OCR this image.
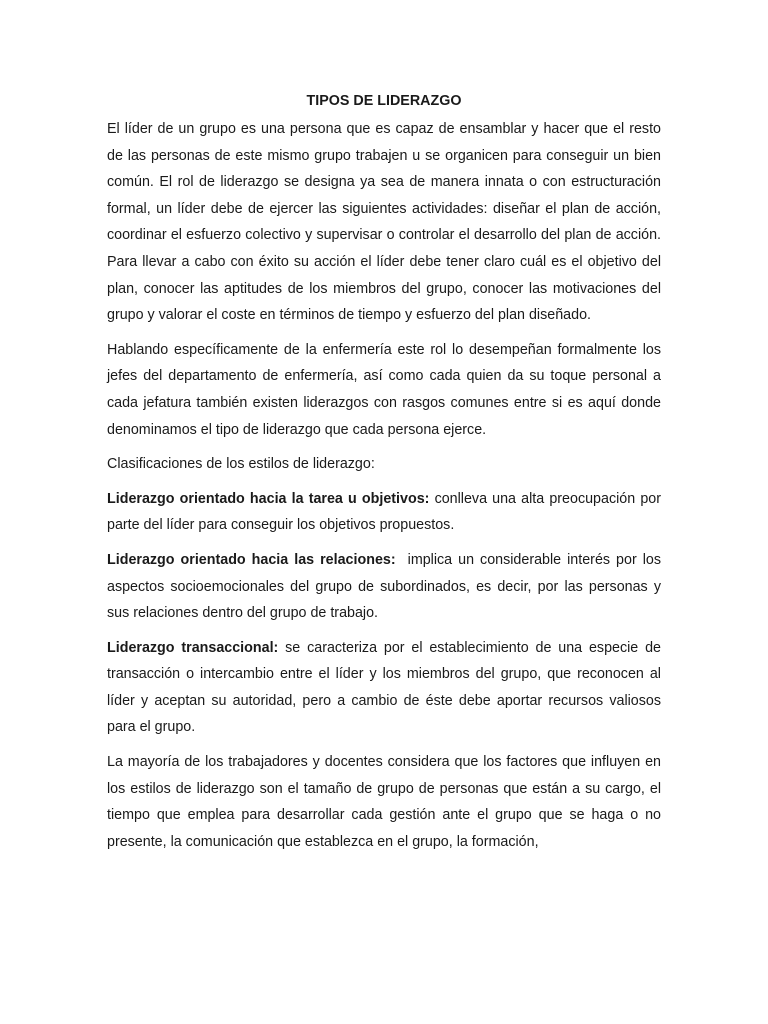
TIPOS DE LIDERAZGO

El líder de un grupo es una persona que es capaz de ensamblar y hacer que el resto de las personas de este mismo grupo trabajen u se organicen para conseguir un bien común. El rol de liderazgo se designa ya sea de manera innata o con estructuración formal, un líder debe de ejercer las siguientes actividades: diseñar el plan de acción, coordinar el esfuerzo colectivo y supervisar o controlar el desarrollo del plan de acción. Para llevar a cabo con éxito su acción el líder debe tener claro cuál es el objetivo del plan, conocer las aptitudes de los miembros del grupo, conocer las motivaciones del grupo y valorar el coste en términos de tiempo y esfuerzo del plan diseñado.

Hablando específicamente de la enfermería este rol lo desempeñan formalmente los jefes del departamento de enfermería, así como cada quien da su toque personal a cada jefatura también existen liderazgos con rasgos comunes entre si es aquí donde denominamos el tipo de liderazgo que cada persona ejerce.

Clasificaciones de los estilos de liderazgo:

Liderazgo orientado hacia la tarea u objetivos: conlleva una alta preocupación por parte del líder para conseguir los objetivos propuestos.

Liderazgo orientado hacia las relaciones:  implica un considerable interés por los aspectos socioemocionales del grupo de subordinados, es decir, por las personas y sus relaciones dentro del grupo de trabajo.

Liderazgo transaccional: se caracteriza por el establecimiento de una especie de transacción o intercambio entre el líder y los miembros del grupo, que reconocen al líder y aceptan su autoridad, pero a cambio de éste debe aportar recursos valiosos para el grupo.

La mayoría de los trabajadores y docentes considera que los factores que influyen en los estilos de liderazgo son el tamaño de grupo de personas que están a su cargo, el tiempo que emplea para desarrollar cada gestión ante el grupo que se haga o no presente, la comunicación que establezca en el grupo, la formación,
